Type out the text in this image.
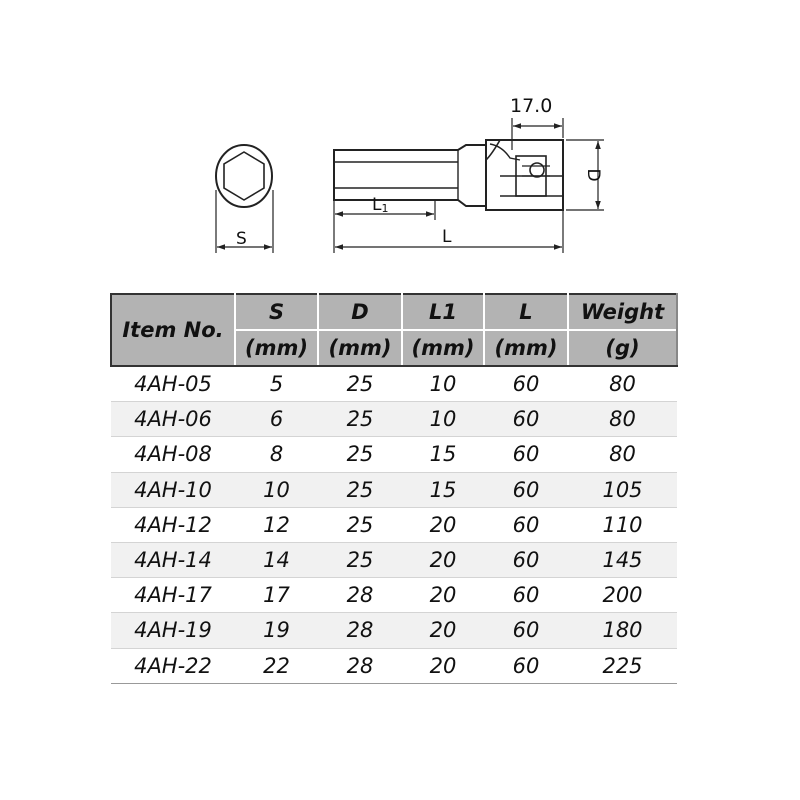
S
17.0
D
L1
L
Item No.	S	D	L1	L	Weight
	(mm)	(mm)	(mm)	(mm)	(g)
4AH-05	5	25	10	60	80
4AH-06	6	25	10	60	80
4AH-08	8	25	15	60	80
4AH-10	10	25	15	60	105
4AH-12	12	25	20	60	110
4AH-14	14	25	20	60	145
4AH-17	17	28	20	60	200
4AH-19	19	28	20	60	180
4AH-22	22	28	20	60	225
